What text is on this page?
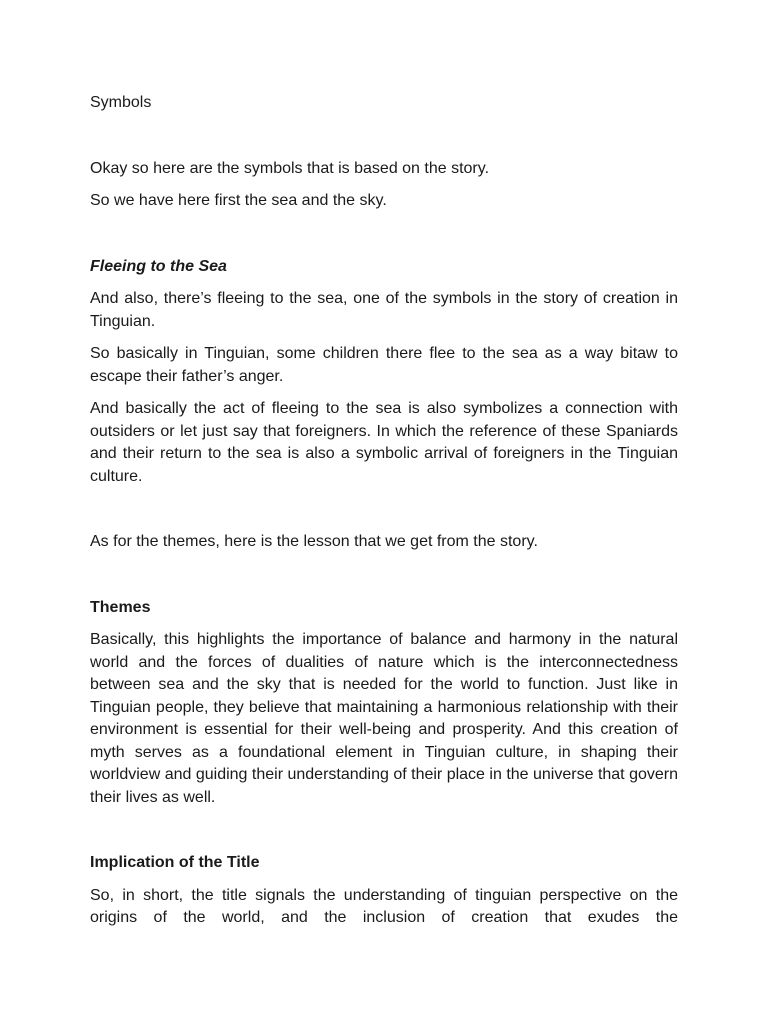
Symbols

Okay so here are the symbols that is based on the story.

So we have here first the sea and the sky.

Fleeing to the Sea

And also, there’s fleeing to the sea, one of the symbols in the story of creation in Tinguian.

So basically in Tinguian, some children there flee to the sea as a way bitaw to escape their father’s anger.

And basically the act of fleeing to the sea is also symbolizes a connection with outsiders or let just say that foreigners. In which the reference of these Spaniards and their return to the sea is also a symbolic arrival of foreigners in the Tinguian culture.

As for the themes, here is the lesson that we get from the story.

Themes

Basically, this highlights the importance of balance and harmony in the natural world and the forces of dualities of nature which is the interconnectedness between sea and the sky that is needed for the world to function. Just like in Tinguian people, they believe that maintaining a harmonious relationship with their environment is essential for their well-being and prosperity. And this creation of myth serves as a foundational element in Tinguian culture, in shaping their worldview and guiding their understanding of their place in the universe that govern their lives as well.

Implication of the Title

So, in short, the title signals the understanding of tinguian perspective on the origins of the world, and the inclusion of creation that exudes the
